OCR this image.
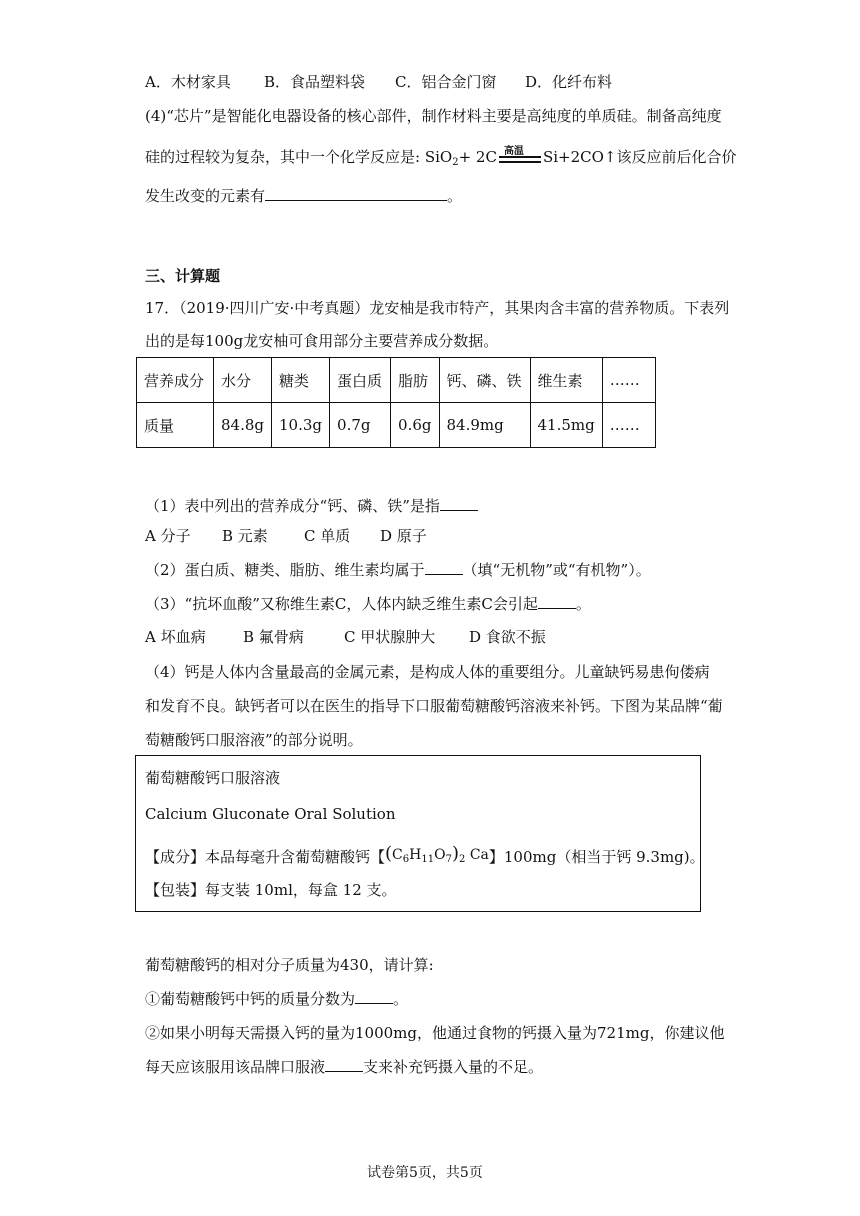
A．木材家具 B．食品塑料袋 C．铝合金门窗 D．化纤布料
(4)“芯片”是智能化电器设备的核心部件，制作材料主要是高纯度的单质硅。制备高纯度
硅的过程较为复杂，其中一个化学反应是: SiO$_2$+ 2C 高温 Si+2CO↑该反应前后化合价
发生改变的元素有	。
三、计算题
17．（2019·四川广安·中考真题）龙安柚是我市特产，其果肉含丰富的营养物质。下表列
出的是每100g龙安柚可食用部分主要营养成分数据。
营养成分	水分	糖类	蛋白质	脂肪	钙、磷、铁	维生素	……
质量	84.8g	10.3g	0.7g	0.6g	84.9mg	41.5mg	……
（1）表中列出的营养成分“钙、磷、铁”是指
A 分子 B 元素 C 单质 D 原子
（2）蛋白质、糖类、脂肪、维生素均属于	（填“无机物”或“有机物”）。
（3）“抗坏血酸”又称维生素C，人体内缺乏维生素C会引起	。
A 坏血病 B 氟骨病	C 甲状腺肿大 D 食欲不振
（4）钙是人体内含量最高的金属元素，是构成人体的重要组分。儿童缺钙易患佝偻病
和发育不良。缺钙者可以在医生的指导下口服葡萄糖酸钙溶液来补钙。下图为某品牌“葡
萄糖酸钙口服溶液”的部分说明。
葡萄糖酸钙口服溶液
Calcium Gluconate Oral Solution
【成分】本品每毫升含葡萄糖酸钙【$(C_6H_{11}O_7)_2$ Ca】100mg（相当于钙 9.3mg)。
【包装】每支装 10ml，每盒 12 支。
葡萄糖酸钙的相对分子质量为430，请计算:
①葡萄糖酸钙中钙的质量分数为	。
②如果小明每天需摄入钙的量为1000mg，他通过食物的钙摄入量为721mg，你建议他
每天应该服用该品牌口服液	支来补充钙摄入量的不足。
试卷第5页，共5页
